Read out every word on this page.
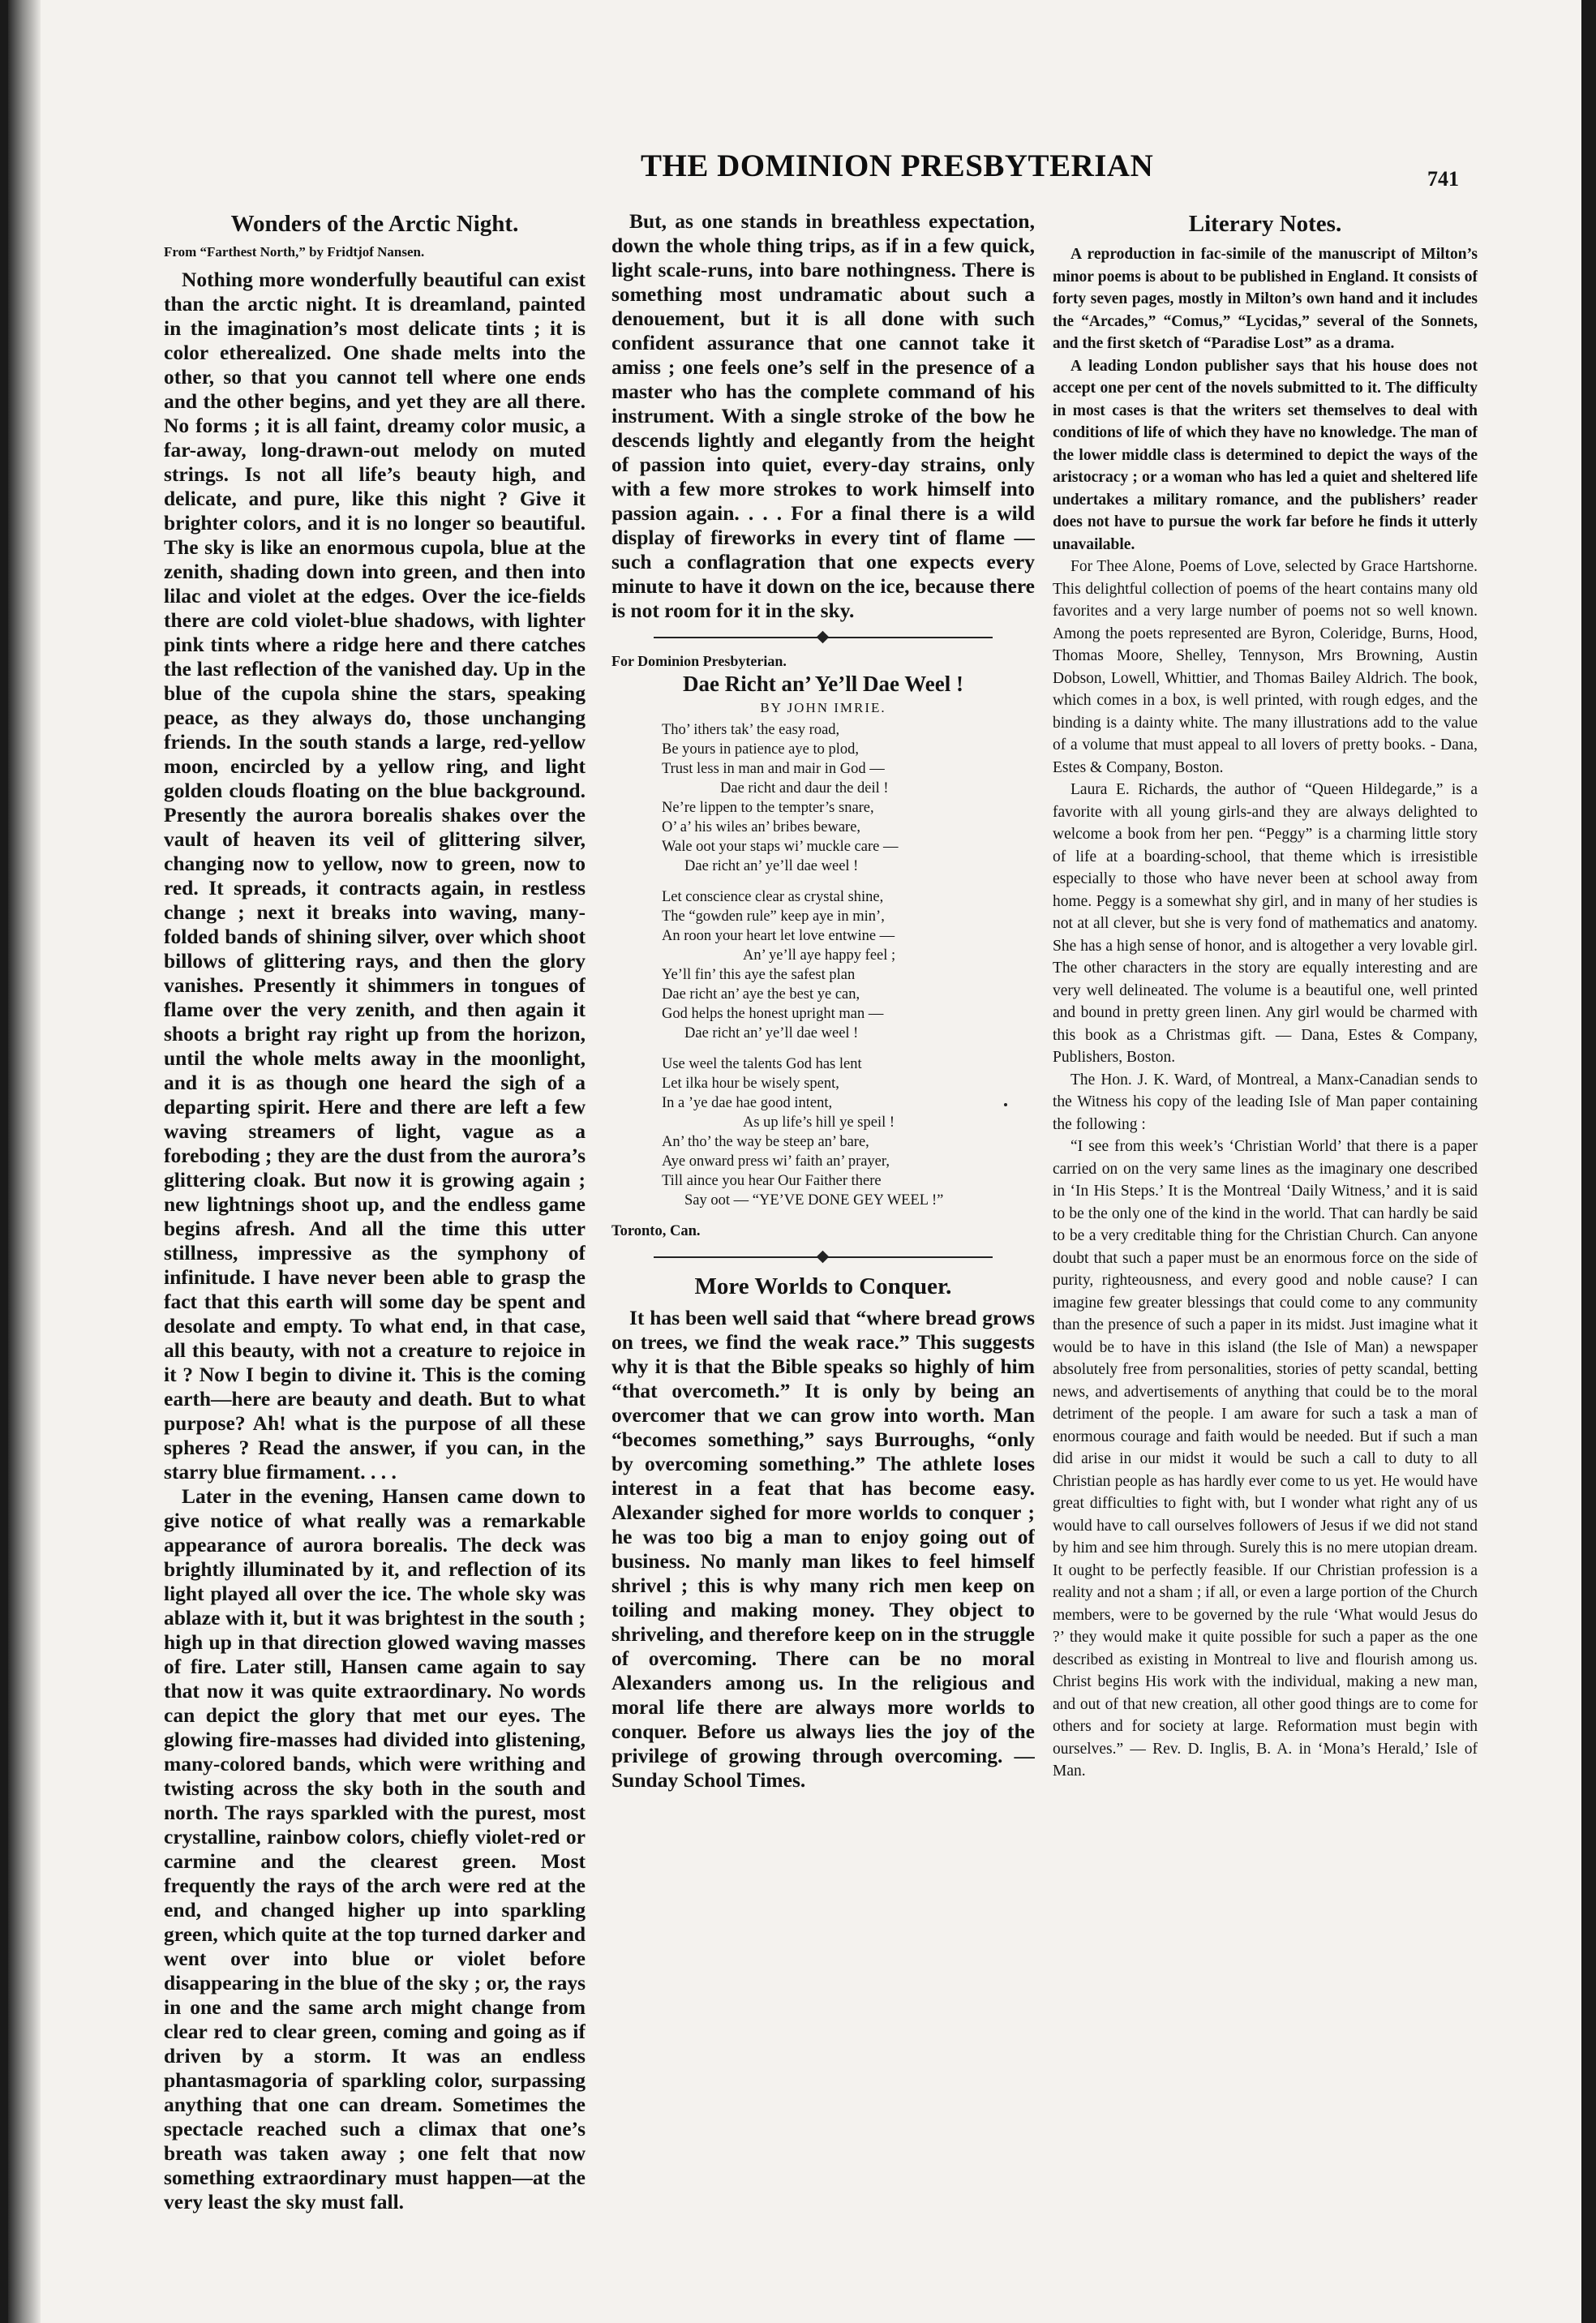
THE DOMINION PRESBYTERIAN	741
Wonders of the Arctic Night.
From “Farthest North,” by Fridtjof Nansen.

Nothing more wonderfully beautiful can exist than the arctic night. It is dreamland, painted in the imagination’s most delicate tints ; it is color etherealized. One shade melts into the other, so that you cannot tell where one ends and the other begins, and yet they are all there. No forms ; it is all faint, dreamy color music, a far-away, long-drawn-out melody on muted strings. Is not all life’s beauty high, and delicate, and pure, like this night ? Give it brighter colors, and it is no longer so beautiful. The sky is like an enormous cupola, blue at the zenith, shading down into green, and then into lilac and violet at the edges. Over the ice-fields there are cold violet-blue shadows, with lighter pink tints where a ridge here and there catches the last reflection of the vanished day. Up in the blue of the cupola shine the stars, speaking peace, as they always do, those unchanging friends. In the south stands a large, red-yellow moon, encircled by a yellow ring, and light golden clouds floating on the blue background. Presently the aurora borealis shakes over the vault of heaven its veil of glittering silver, changing now to yellow, now to green, now to red. It spreads, it contracts again, in restless change ; next it breaks into waving, many-folded bands of shining silver, over which shoot billows of glittering rays, and then the glory vanishes. Presently it shimmers in tongues of flame over the very zenith, and then again it shoots a bright ray right up from the horizon, until the whole melts away in the moonlight, and it is as though one heard the sigh of a departing spirit. Here and there are left a few waving streamers of light, vague as a foreboding ; they are the dust from the aurora’s glittering cloak. But now it is growing again ; new lightnings shoot up, and the endless game begins afresh. And all the time this utter stillness, impressive as the symphony of infinitude. I have never been able to grasp the fact that this earth will some day be spent and desolate and empty. To what end, in that case, all this beauty, with not a creature to rejoice in it ? Now I begin to divine it. This is the coming earth—here are beauty and death. But to what purpose? Ah! what is the purpose of all these spheres ? Read the answer, if you can, in the starry blue firmament. . . .

Later in the evening, Hansen came down to give notice of what really was a remarkable appearance of aurora borealis. The deck was brightly illuminated by it, and reflection of its light played all over the ice. The whole sky was ablaze with it, but it was brightest in the south ; high up in that direction glowed waving masses of fire. Later still, Hansen came again to say that now it was quite extraordinary. No words can depict the glory that met our eyes. The glowing fire-masses had divided into glistening, many-colored bands, which were writhing and twisting across the sky both in the south and north. The rays sparkled with the purest, most crystalline, rainbow colors, chiefly violet-red or carmine and the clearest green. Most frequently the rays of the arch were red at the end, and changed higher up into sparkling green, which quite at the top turned darker and went over into blue or violet before disappearing in the blue of the sky ; or, the rays in one and the same arch might change from clear red to clear green, coming and going as if driven by a storm. It was an endless phantasmagoria of sparkling color, surpassing anything that one can dream. Sometimes the spectacle reached such a climax that one’s breath was taken away ; one felt that now something extraordinary must happen—at the very least the sky must fall.

But, as one stands in breathless expectation, down the whole thing trips, as if in a few quick, light scale-runs, into bare nothingness. There is something most undramatic about such a denouement, but it is all done with such confident assurance that one cannot take it amiss ; one feels one’s self in the presence of a master who has the complete command of his instrument. With a single stroke of the bow he descends lightly and elegantly from the height of passion into quiet, every-day strains, only with a few more strokes to work himself into passion again. . . . For a final there is a wild display of fireworks in every tint of flame —such a conflagration that one expects every minute to have it down on the ice, because there is not room for it in the sky.

For Dominion Presbyterian.
Dae Richt an’ Ye’ll Dae Weel !
BY JOHN IMRIE.
Tho’ ithers tak’ the easy road,
Be yours in patience aye to plod,
Trust less in man and mair in God —
Dae richt and daur the deil !
Ne’re lippen to the tempter’s snare,
O’ a’ his wiles an’ bribes beware,
Wale oot your staps wi’ muckle care —
Dae richt an’ ye’ll dae weel !
Let conscience clear as crystal shine,
The “gowden rule” keep aye in min’,
An roon your heart let love entwine —
An’ ye’ll aye happy feel ;
Ye’ll fin’ this aye the safest plan
Dae richt an’ aye the best ye can,
God helps the honest upright man —
Dae richt an’ ye’ll dae weel !
Use weel the talents God has lent
Let ilka hour be wisely spent,
In a ’ye dae hae good intent,
As up life’s hill ye speil !
An’ tho’ the way be steep an’ bare,
Aye onward press wi’ faith an’ prayer,
Till aince you hear Our Faither there
Say oot — “YE’VE DONE GEY WEEL !”
Toronto, Can.
More Worlds to Conquer.

It has been well said that “where bread grows on trees, we find the weak race.” This suggests why it is that the Bible speaks so highly of him “that overcometh.” It is only by being an overcomer that we can grow into worth. Man “becomes something,” says Burroughs, “only by overcoming something.” The athlete loses interest in a feat that has become easy. Alexander sighed for more worlds to conquer ; he was too big a man to enjoy going out of business. No manly man likes to feel himself shrivel ; this is why many rich men keep on toiling and making money. They object to shriveling, and therefore keep on in the struggle of overcoming. There can be no moral Alexanders among us. In the religious and moral life there are always more worlds to conquer. Before us always lies the joy of the privilege of growing through overcoming. — Sunday School Times.

Literary Notes.

A reproduction in fac-simile of the manuscript of Milton’s minor poems is about to be published in England. It consists of forty seven pages, mostly in Milton’s own hand and it includes the “Arcades,” “Comus,” “Lycidas,” several of the Sonnets, and the first sketch of “Paradise Lost” as a drama.

A leading London publisher says that his house does not accept one per cent of the novels submitted to it. The difficulty in most cases is that the writers set themselves to deal with conditions of life of which they have no knowledge. The man of the lower middle class is determined to depict the ways of the aristocracy ; or a woman who has led a quiet and sheltered life undertakes a military romance, and the publishers’ reader does not have to pursue the work far before he finds it utterly unavailable.

For Thee Alone, Poems of Love, selected by Grace Hartshorne. This delightful collection of poems of the heart contains many old favorites and a very large number of poems not so well known. Among the poets represented are Byron, Coleridge, Burns, Hood, Thomas Moore, Shelley, Tennyson, Mrs Browning, Austin Dobson, Lowell, Whittier, and Thomas Bailey Aldrich. The book, which comes in a box, is well printed, with rough edges, and the binding is a dainty white. The many illustrations add to the value of a volume that must appeal to all lovers of pretty books. - Dana, Estes & Company, Boston.

Laura E. Richards, the author of “Queen Hildegarde,” is a favorite with all young girls-and they are always delighted to welcome a book from her pen. “Peggy” is a charming little story of life at a boarding-school, that theme which is irresistible especially to those who have never been at school away from home. Peggy is a somewhat shy girl, and in many of her studies is not at all clever, but she is very fond of mathematics and anatomy. She has a high sense of honor, and is altogether a very lovable girl. The other characters in the story are equally interesting and are very well delineated. The volume is a beautiful one, well printed and bound in pretty green linen. Any girl would be charmed with this book as a Christmas gift. — Dana, Estes & Company, Publishers, Boston.

The Hon. J. K. Ward, of Montreal, a Manx-Canadian sends to the Witness his copy of the leading Isle of Man paper containing the following :

“I see from this week’s ‘Christian World’ that there is a paper carried on on the very same lines as the imaginary one described in ‘In His Steps.’ It is the Montreal ‘Daily Witness,’ and it is said to be the only one of the kind in the world. That can hardly be said to be a very creditable thing for the Christian Church. Can anyone doubt that such a paper must be an enormous force on the side of purity, righteousness, and every good and noble cause? I can imagine few greater blessings that could come to any community than the presence of such a paper in its midst. Just imagine what it would be to have in this island (the Isle of Man) a newspaper absolutely free from personalities, stories of petty scandal, betting news, and advertisements of anything that could be to the moral detriment of the people. I am aware for such a task a man of enormous courage and faith would be needed. But if such a man did arise in our midst it would be such a call to duty to all Christian people as has hardly ever come to us yet. He would have great difficulties to fight with, but I wonder what right any of us would have to call ourselves followers of Jesus if we did not stand by him and see him through. Surely this is no mere utopian dream. It ought to be perfectly feasible. If our Christian profession is a reality and not a sham ; if all, or even a large portion of the Church members, were to be governed by the rule ‘What would Jesus do ?’ they would make it quite possible for such a paper as the one described as existing in Montreal to live and flourish among us. Christ begins His work with the individual, making a new man, and out of that new creation, all other good things are to come for others and for society at large. Reformation must begin with ourselves.” — Rev. D. Inglis, B. A. in ‘Mona’s Herald,’ Isle of Man.
